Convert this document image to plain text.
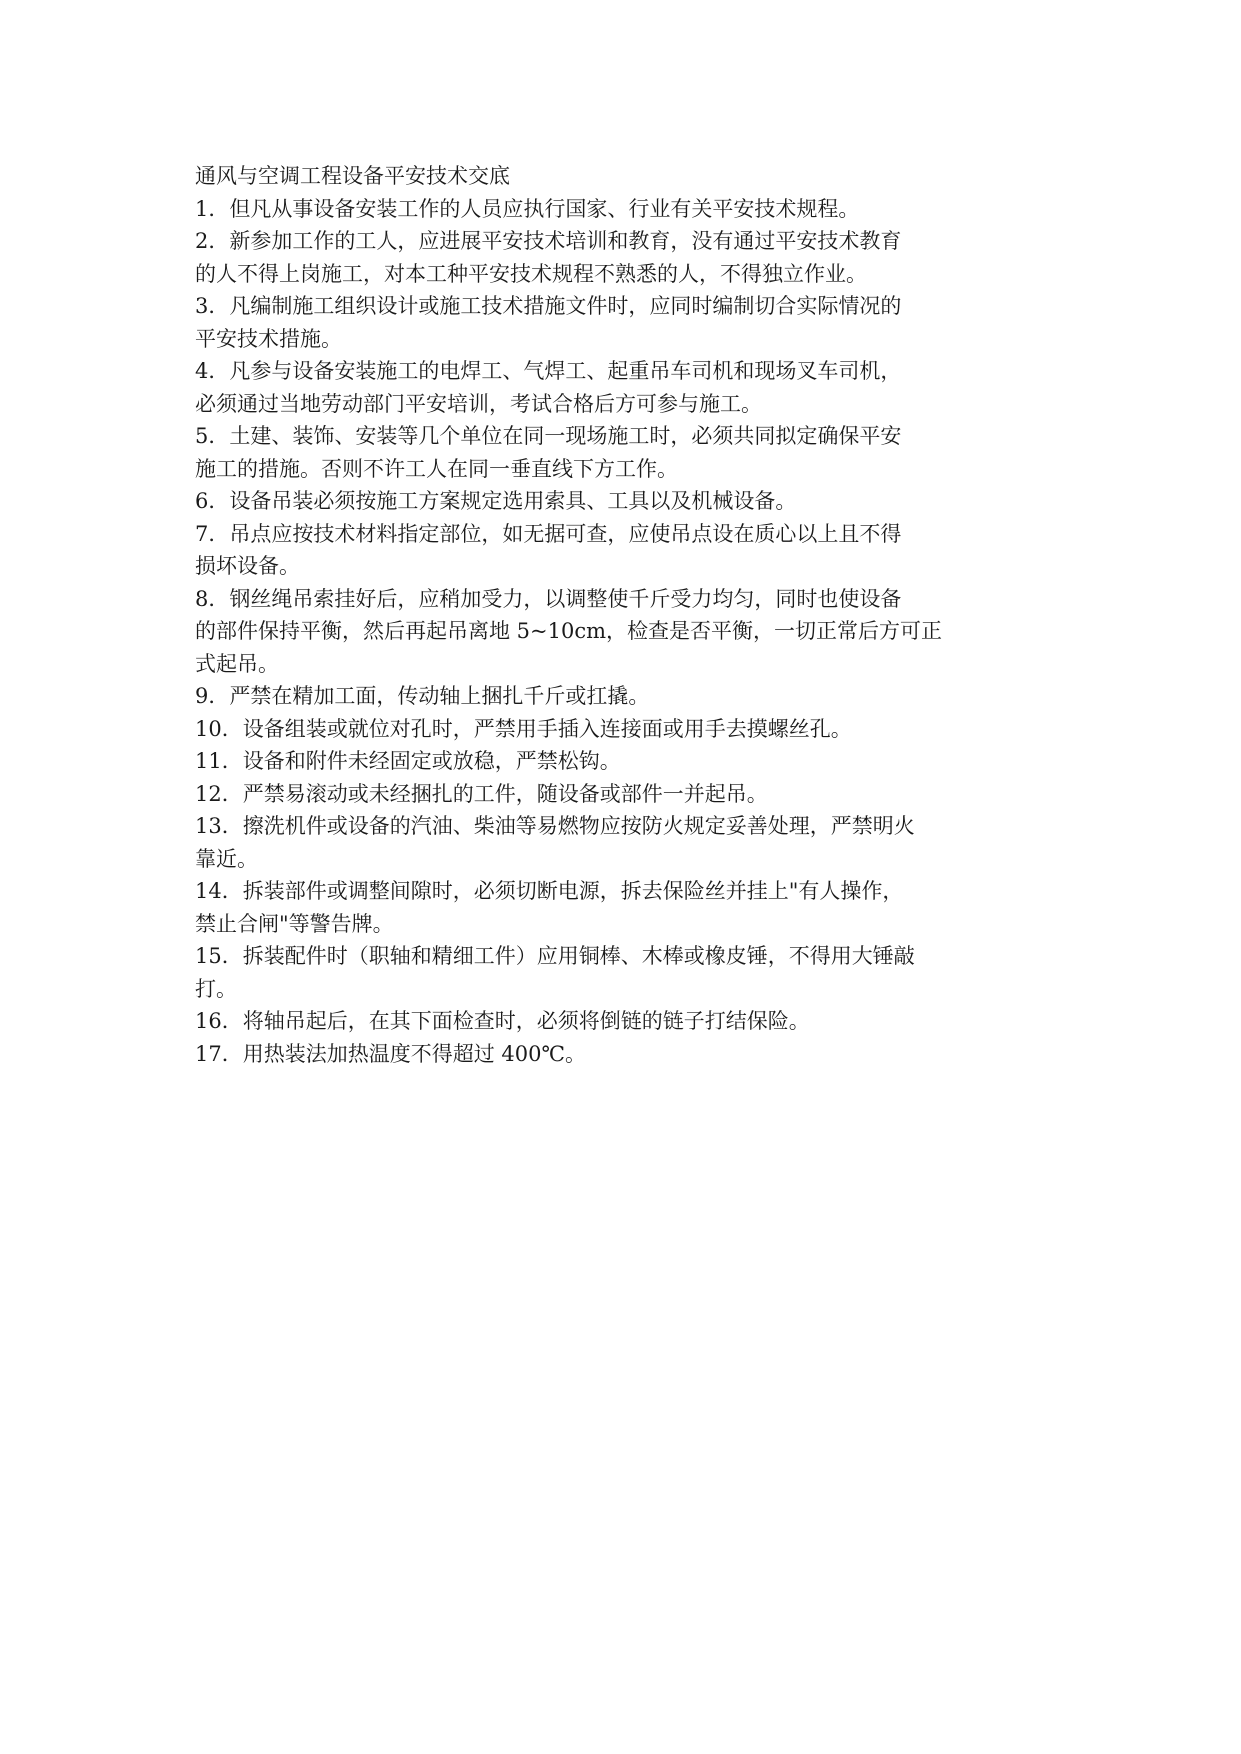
通风与空调工程设备平安技术交底
1．但凡从事设备安装工作的人员应执行国家、行业有关平安技术规程。
2．新参加工作的工人，应进展平安技术培训和教育，没有通过平安技术教育
的人不得上岗施工，对本工种平安技术规程不熟悉的人，不得独立作业。
3．凡编制施工组织设计或施工技术措施文件时，应同时编制切合实际情况的
平安技术措施。
4．凡参与设备安装施工的电焊工、气焊工、起重吊车司机和现场叉车司机，
必须通过当地劳动部门平安培训，考试合格后方可参与施工。
5．土建、装饰、安装等几个单位在同一现场施工时，必须共同拟定确保平安
施工的措施。否则不许工人在同一垂直线下方工作。
6．设备吊装必须按施工方案规定选用索具、工具以及机械设备。
7．吊点应按技术材料指定部位，如无据可查，应使吊点设在质心以上且不得
损坏设备。
8．钢丝绳吊索挂好后，应稍加受力，以调整使千斤受力均匀，同时也使设备
的部件保持平衡，然后再起吊离地 5~10cm，检查是否平衡，一切正常后方可正
式起吊。
9．严禁在精加工面，传动轴上捆扎千斤或扛撬。
10．设备组装或就位对孔时，严禁用手插入连接面或用手去摸螺丝孔。
11．设备和附件未经固定或放稳，严禁松钩。
12．严禁易滚动或未经捆扎的工件，随设备或部件一并起吊。
13．擦洗机件或设备的汽油、柴油等易燃物应按防火规定妥善处理，严禁明火
靠近。
14．拆装部件或调整间隙时，必须切断电源，拆去保险丝并挂上"有人操作，
禁止合闸"等警告牌。
15．拆装配件时（职轴和精细工件）应用铜棒、木棒或橡皮锤，不得用大锤敲
打。
16．将轴吊起后，在其下面检查时，必须将倒链的链子打结保险。
17．用热装法加热温度不得超过 400℃。
